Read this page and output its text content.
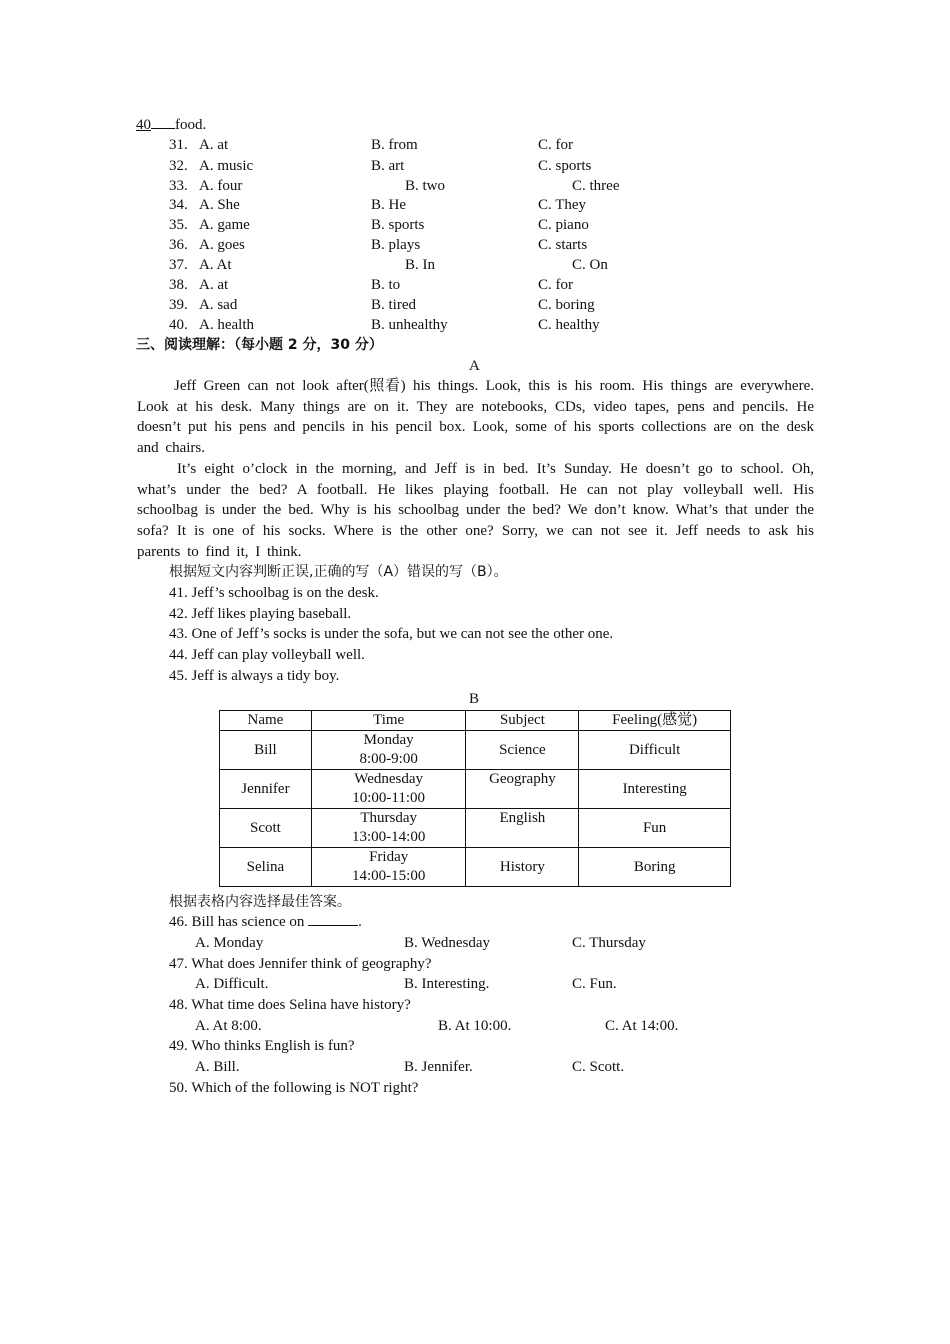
40 food.
31. A. at	B. from	C. for
32. A. music	B. art	C. sports
33. A. four	B. two	C. three
34. A. She	B. He	C. They
35. A. game	B. sports	C. piano
36. A. goes	B. plays	C. starts
37. A. At	B. In	C. On
38. A. at	B. to	C. for
39. A. sad	B. tired	C. boring
40. A. health	B. unhealthy	C. healthy
三、阅读理解：（每小题 2 分，30 分）
A

Jeff Green can not look after(照看) his things. Look, this is his room. His things are everywhere. Look at his desk. Many things are on it. They are notebooks, CDs, video tapes, pens and pencils. He doesn’t put his pens and pencils in his pencil box. Look, some of his sports collections are on the desk and chairs.

It’s eight o’clock in the morning, and Jeff is in bed. It’s Sunday. He doesn’t go to school. Oh, what’s under the bed? A football. He likes playing football. He can not play volleyball well. His schoolbag is under the bed. Why is his schoolbag under the bed? We don’t know. What’s that under the sofa? It is one of his socks. Where is the other one? Sorry, we can not see it. Jeff needs to ask his parents to find it, I think.

根据短文内容判断正误,正确的写（A）错误的写（B）。
41. Jeff’s schoolbag is on the desk.
42. Jeff likes playing baseball.
43. One of Jeff’s socks is under the sofa, but we can not see the other one.
44. Jeff can play volleyball well.
45. Jeff is always a tidy boy.
B
Name	Time	Subject	Feeling(感觉)
Bill	Monday
8:00-9:00	Science	Difficult
Jennifer	Wednesday
10:00-11:00	Geography	Interesting
Scott	Thursday
13:00-14:00	English	Fun
Selina	Friday
14:00-15:00	History	Boring
根据表格内容选择最佳答案。
46. Bill has science on	.
A. Monday	B. Wednesday	C. Thursday
47. What does Jennifer think of geography?
A. Difficult.	B. Interesting.	C. Fun.
48. What time does Selina have history?
A. At 8:00.	B. At 10:00.	C. At 14:00.
49. Who thinks English is fun?
A. Bill.	B. Jennifer.	C. Scott.
50. Which of the following is NOT right?
